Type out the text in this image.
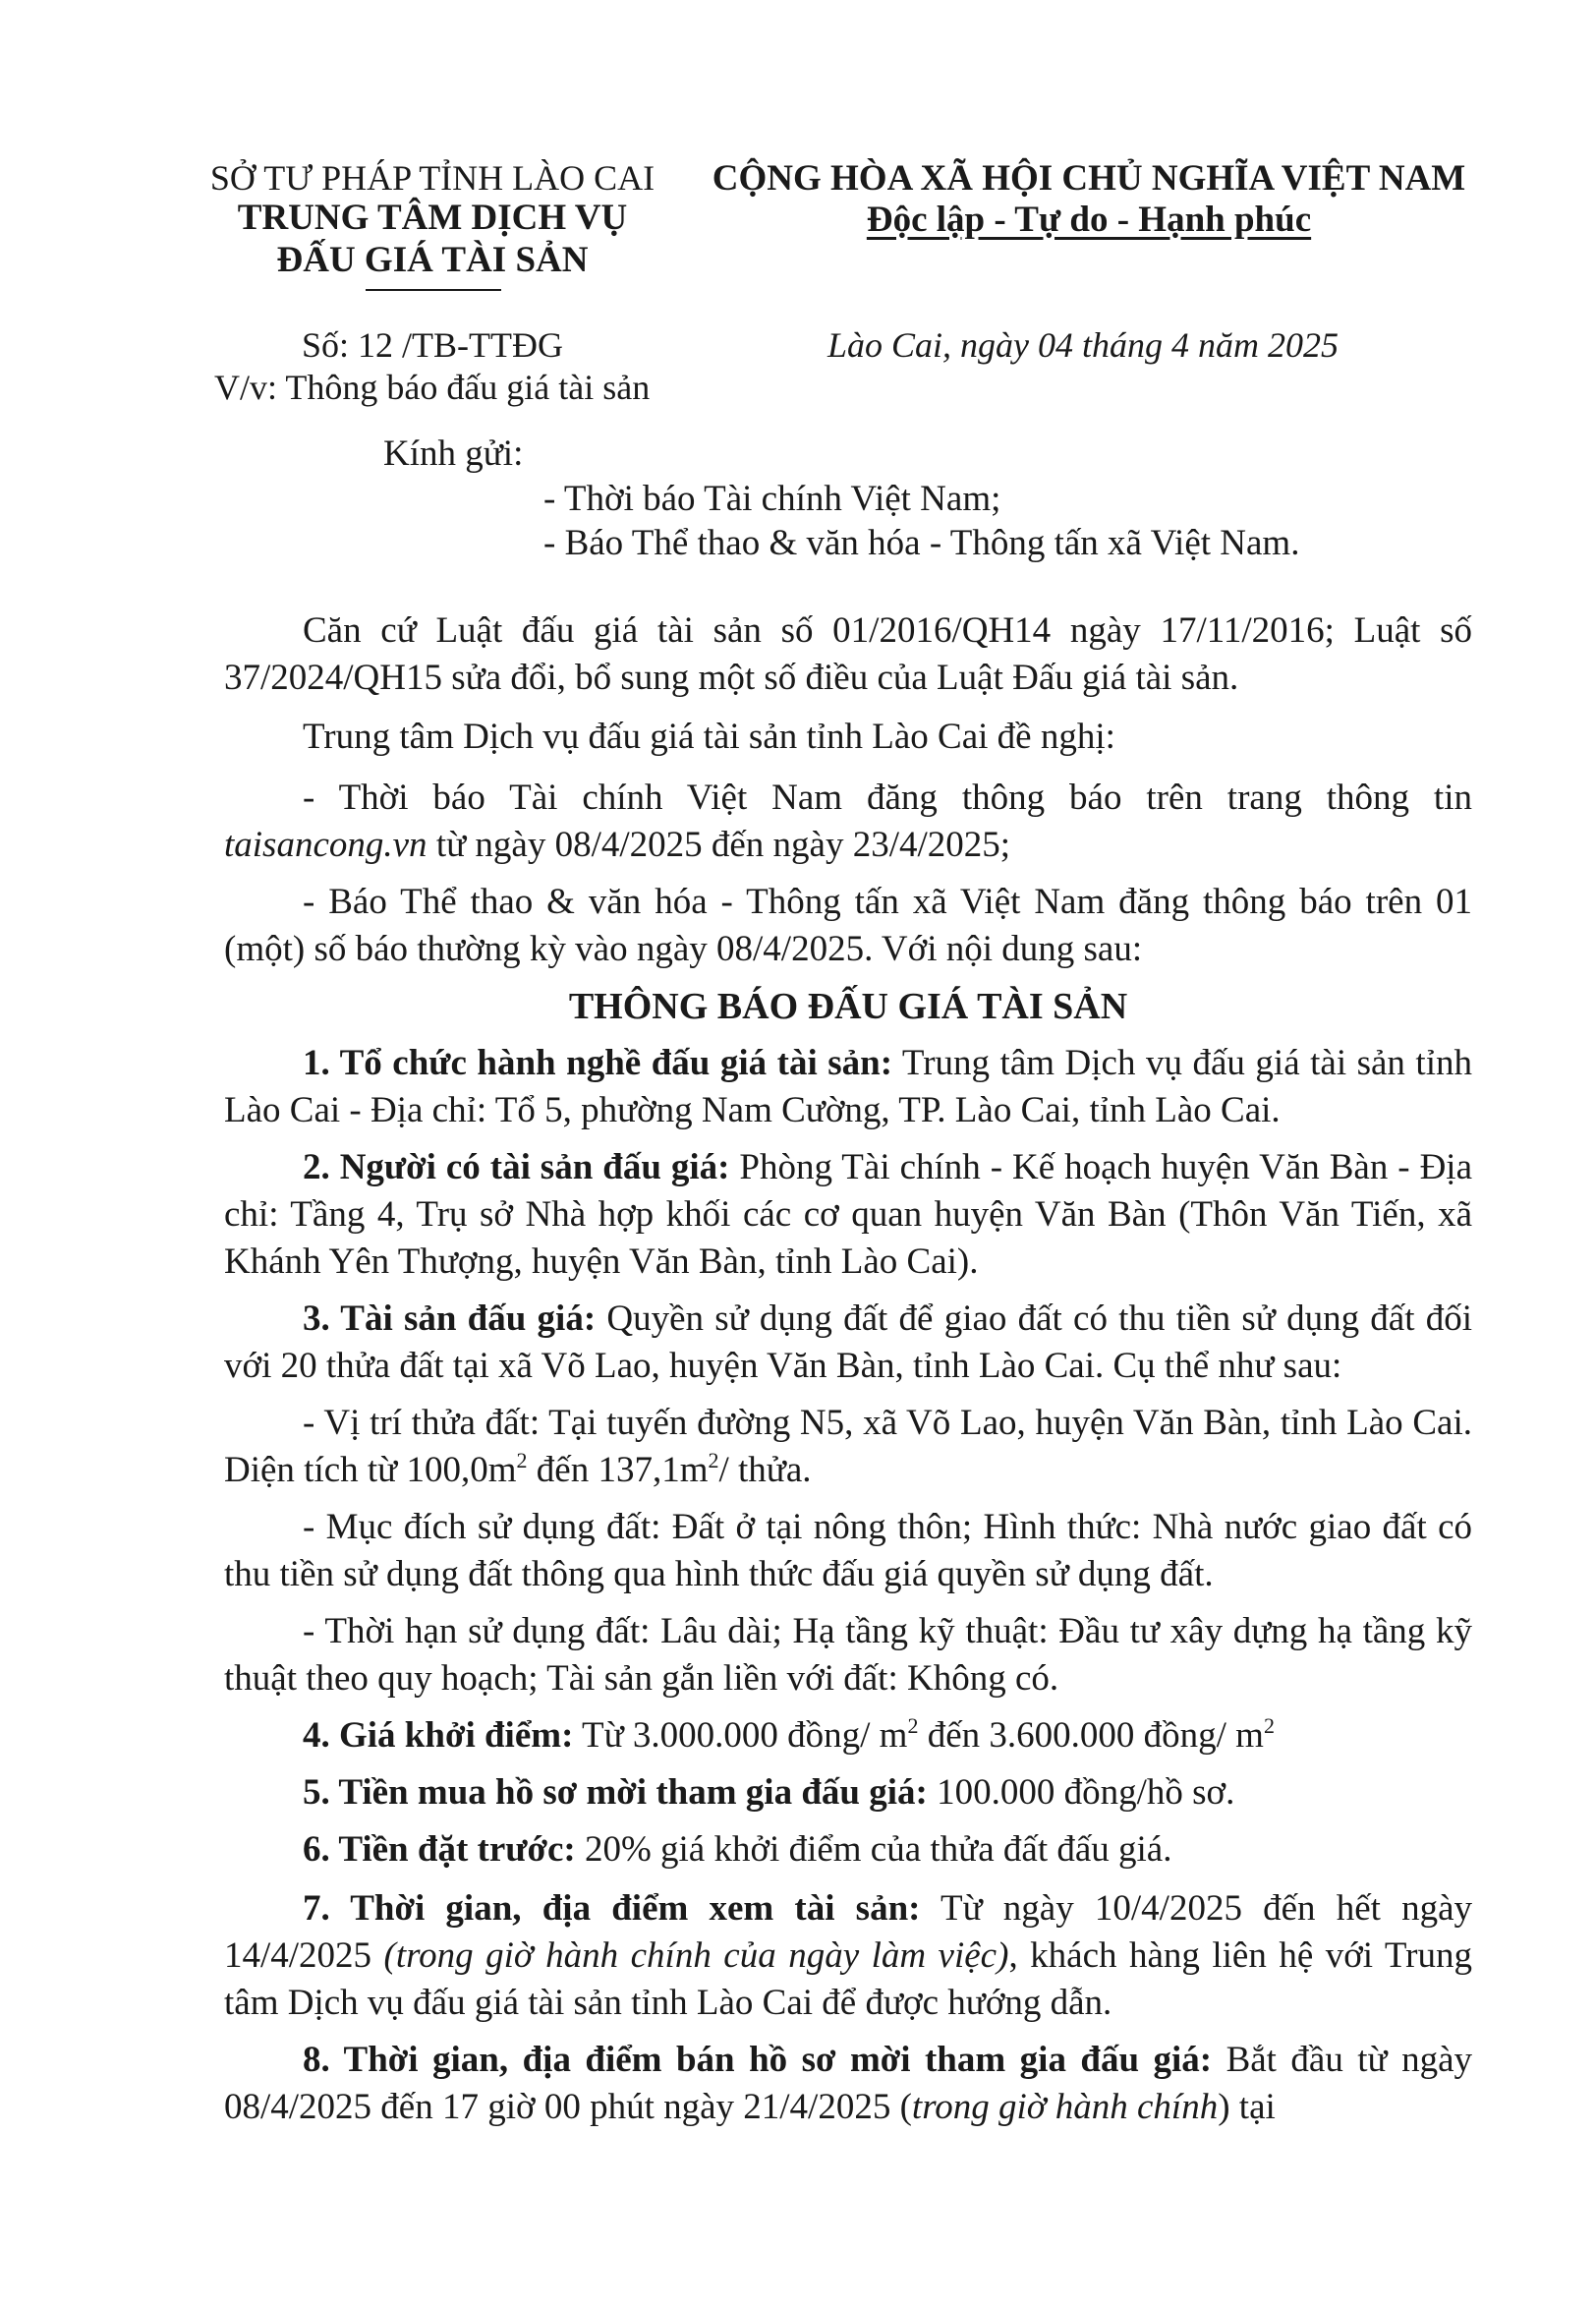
SỞ TƯ PHÁP TỈNH LÀO CAI
TRUNG TÂM DỊCH VỤ
ĐẤU GIÁ TÀI SẢN
Số: 12 /TB-TTĐG
V/v: Thông báo đấu giá tài sản
CỘNG HÒA XÃ HỘI CHỦ NGHĨA VIỆT NAM
Độc lập - Tự do - Hạnh phúc
Lào Cai, ngày 04 tháng 4 năm 2025
Kính gửi:
- Thời báo Tài chính Việt Nam;
- Báo Thể thao & văn hóa - Thông tấn xã Việt Nam.
Căn cứ Luật đấu giá tài sản số 01/2016/QH14 ngày 17/11/2016; Luật số 37/2024/QH15 sửa đổi, bổ sung một số điều của Luật Đấu giá tài sản.
Trung tâm Dịch vụ đấu giá tài sản tỉnh Lào Cai đề nghị:
- Thời báo Tài chính Việt Nam đăng thông báo trên trang thông tin taisancong.vn từ ngày 08/4/2025 đến ngày 23/4/2025;
- Báo Thể thao & văn hóa - Thông tấn xã Việt Nam đăng thông báo trên 01 (một) số báo thường kỳ vào ngày 08/4/2025. Với nội dung sau:
THÔNG BÁO ĐẤU GIÁ TÀI SẢN
1. Tổ chức hành nghề đấu giá tài sản: Trung tâm Dịch vụ đấu giá tài sản tỉnh Lào Cai - Địa chỉ: Tổ 5, phường Nam Cường, TP. Lào Cai, tỉnh Lào Cai.
2. Người có tài sản đấu giá: Phòng Tài chính - Kế hoạch huyện Văn Bàn - Địa chỉ: Tầng 4, Trụ sở Nhà hợp khối các cơ quan huyện Văn Bàn (Thôn Văn Tiến, xã Khánh Yên Thượng, huyện Văn Bàn, tỉnh Lào Cai).
3. Tài sản đấu giá: Quyền sử dụng đất để giao đất có thu tiền sử dụng đất đối với 20 thửa đất tại xã Võ Lao, huyện Văn Bàn, tỉnh Lào Cai. Cụ thể như sau:
- Vị trí thửa đất: Tại tuyến đường N5, xã Võ Lao, huyện Văn Bàn, tỉnh Lào Cai. Diện tích từ $100,0m^2$ đến $137,1m^2/$ thửa.
- Mục đích sử dụng đất: Đất ở tại nông thôn; Hình thức: Nhà nước giao đất có thu tiền sử dụng đất thông qua hình thức đấu giá quyền sử dụng đất.
- Thời hạn sử dụng đất: Lâu dài; Hạ tầng kỹ thuật: Đầu tư xây dựng hạ tầng kỹ thuật theo quy hoạch; Tài sản gắn liền với đất: Không có.
4. Giá khởi điểm: Từ 3.000.000 đồng/ $m^2$ đến 3.600.000 đồng/ $m^2$
5. Tiền mua hồ sơ mời tham gia đấu giá: 100.000 đồng/hồ sơ.
6. Tiền đặt trước: 20% giá khởi điểm của thửa đất đấu giá.
7. Thời gian, địa điểm xem tài sản: Từ ngày 10/4/2025 đến hết ngày 14/4/2025 (trong giờ hành chính của ngày làm việc), khách hàng liên hệ với Trung tâm Dịch vụ đấu giá tài sản tỉnh Lào Cai để được hướng dẫn.
8. Thời gian, địa điểm bán hồ sơ mời tham gia đấu giá: Bắt đầu từ ngày 08/4/2025 đến 17 giờ 00 phút ngày 21/4/2025 (trong giờ hành chính) tại
